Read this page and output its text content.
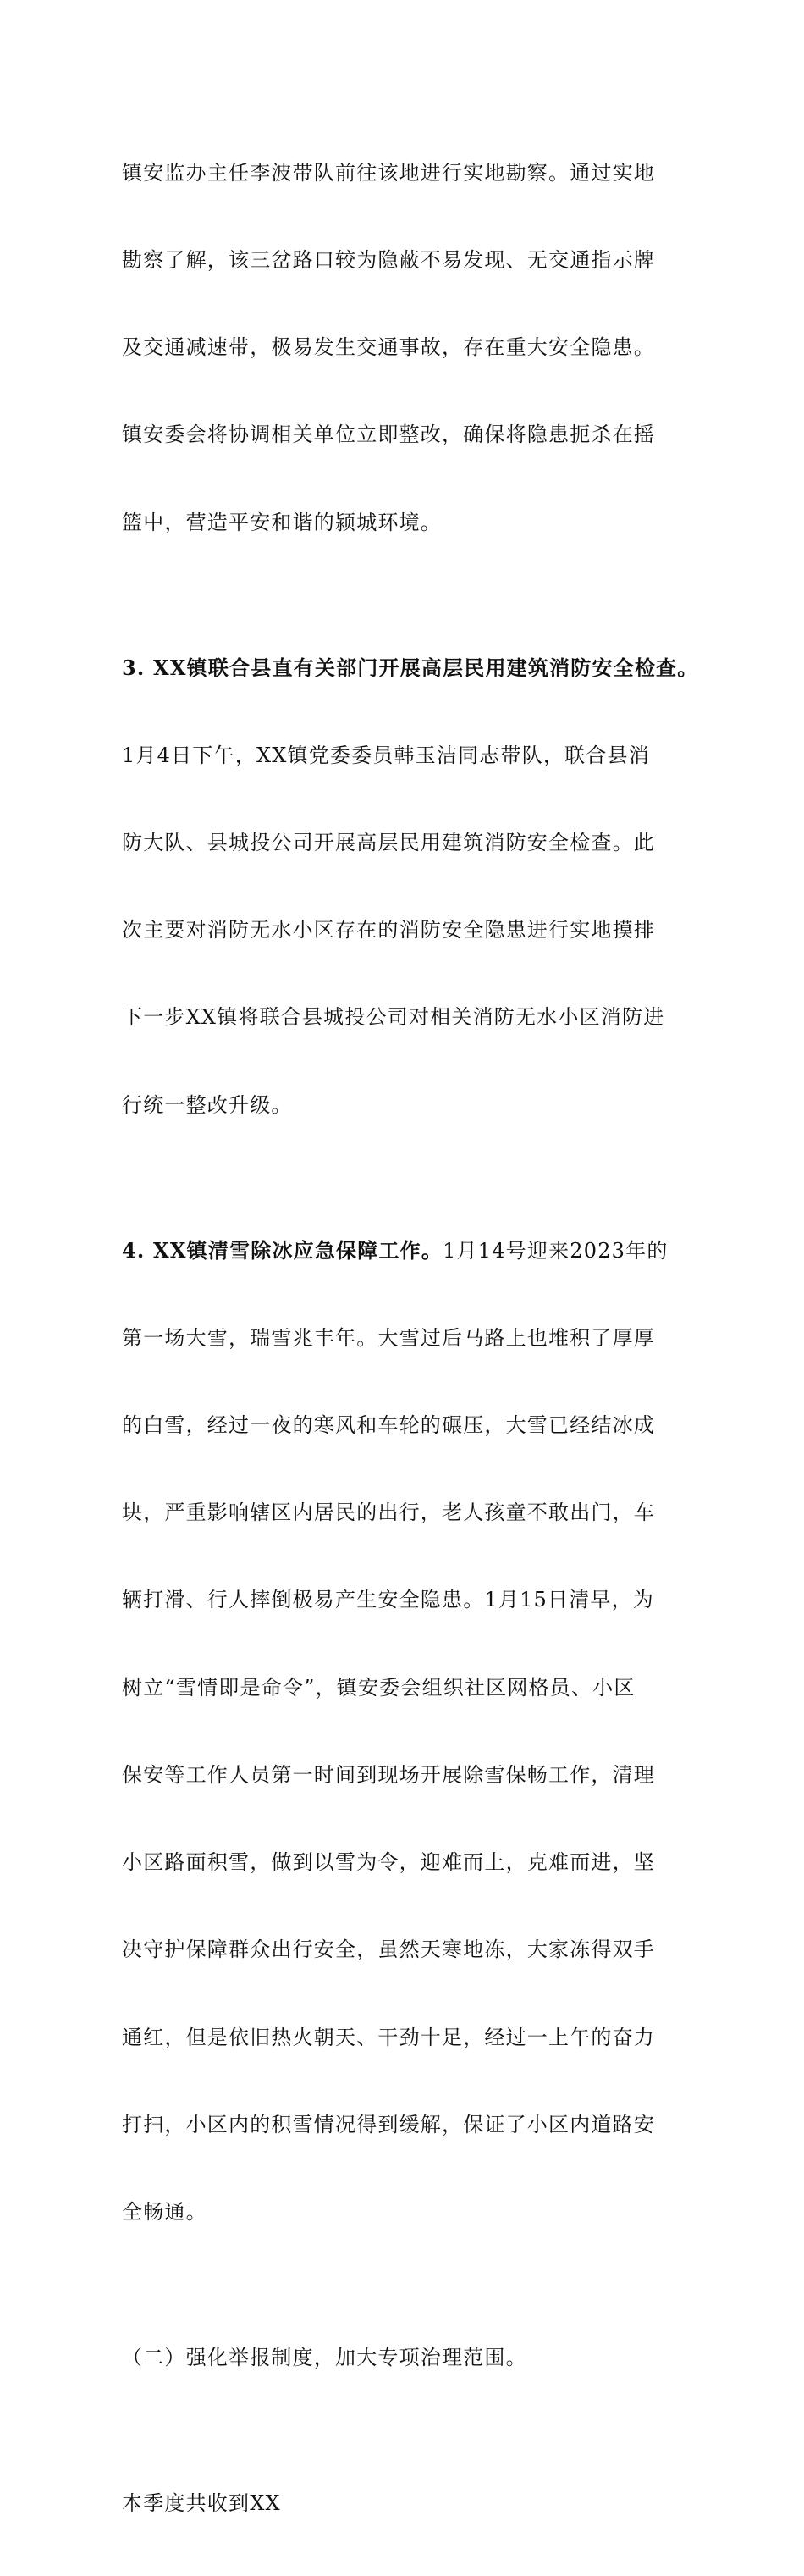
镇安监办主任李波带队前往该地进行实地勘察。通过实地

勘察了解，该三岔路口较为隐蔽不易发现、无交通指示牌

及交通减速带，极易发生交通事故，存在重大安全隐患。

镇安委会将协调相关单位立即整改，确保将隐患扼杀在摇

篮中，营造平安和谐的颍城环境。

3. XX镇联合县直有关部门开展高层民用建筑消防安全检查。

1月4日下午，XX镇党委委员韩玉洁同志带队，联合县消

防大队、县城投公司开展高层民用建筑消防安全检查。此

次主要对消防无水小区存在的消防安全隐患进行实地摸排

下一步XX镇将联合县城投公司对相关消防无水小区消防进

行统一整改升级。

4. XX镇清雪除冰应急保障工作。1月14号迎来2023年的

第一场大雪，瑞雪兆丰年。大雪过后马路上也堆积了厚厚

的白雪，经过一夜的寒风和车轮的碾压，大雪已经结冰成

块，严重影响辖区内居民的出行，老人孩童不敢出门，车

辆打滑、行人摔倒极易产生安全隐患。1月15日清早，为

树立“雪情即是命令”，镇安委会组织社区网格员、小区

保安等工作人员第一时间到现场开展除雪保畅工作，清理

小区路面积雪，做到以雪为令，迎难而上，克难而进，坚

决守护保障群众出行安全，虽然天寒地冻，大家冻得双手

通红，但是依旧热火朝天、干劲十足，经过一上午的奋力

打扫，小区内的积雪情况得到缓解，保证了小区内道路安

全畅通。

（二）强化举报制度，加大专项治理范围。

本季度共收到XX
